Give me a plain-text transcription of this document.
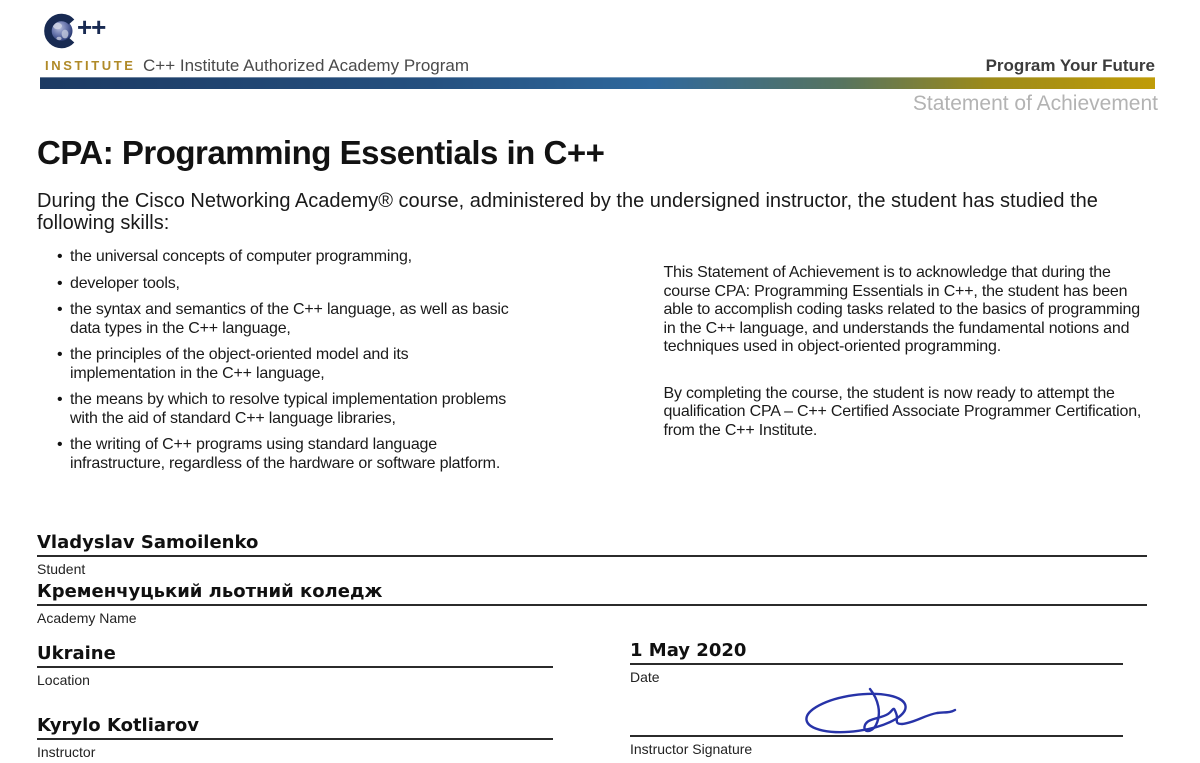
++
INSTITUTE C++ Institute Authorized Academy Program	Program Your Future
Statement of Achievement
CPA: Programming Essentials in C++
During the Cisco Networking Academy® course, administered by the undersigned instructor, the student has studied the following skills:
• the universal concepts of computer programming,
• developer tools,
• the syntax and semantics of the C++ language, as well as basic data types in the C++ language,
• the principles of the object-oriented model and its implementation in the C++ language,
• the means by which to resolve typical implementation problems with the aid of standard C++ language libraries,
• the writing of C++ programs using standard language infrastructure, regardless of the hardware or software platform.

This Statement of Achievement is to acknowledge that during the course CPA: Programming Essentials in C++, the student has been able to accomplish coding tasks related to the basics of programming in the C++ language, and understands the fundamental notions and techniques used in object-oriented programming.

By completing the course, the student is now ready to attempt the qualification CPA – C++ Certified Associate Programmer Certification, from the C++ Institute.

Vladyslav Samoilenko
Student
Кременчуцький льотний коледж
Academy Name
Ukraine
Location
1 May 2020
Date
Kyrylo Kotliarov
Instructor	Instructor Signature
